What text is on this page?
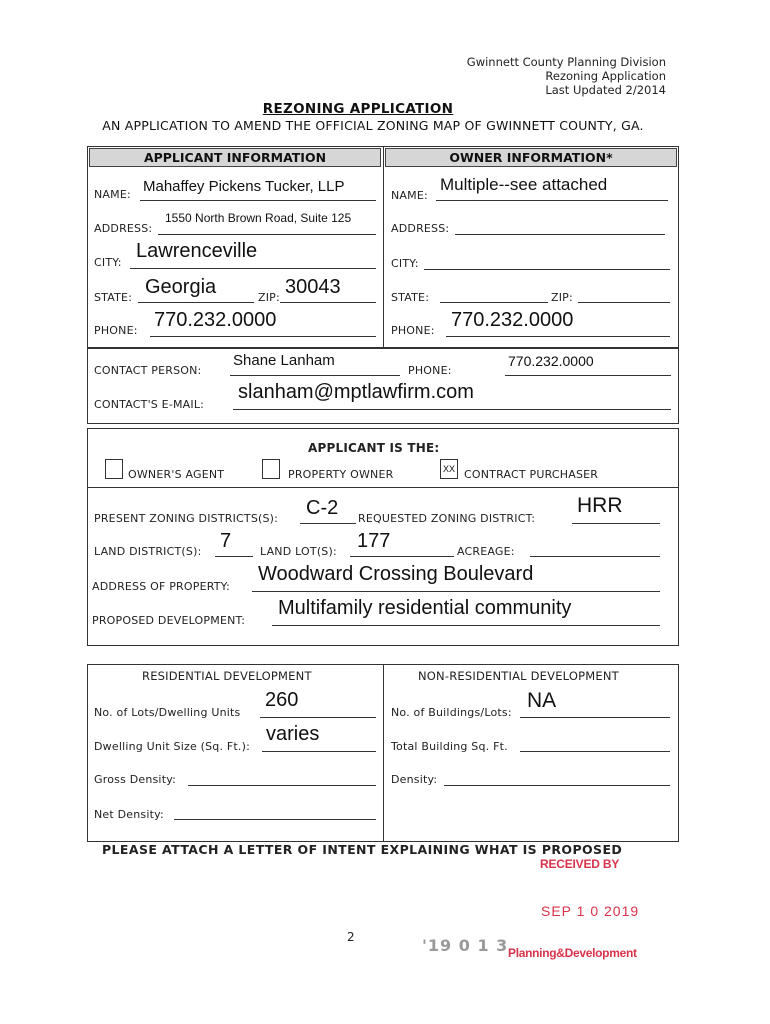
Gwinnett County Planning Division
Rezoning Application
Last Updated 2/2014
REZONING APPLICATION
AN APPLICATION TO AMEND THE OFFICIAL ZONING MAP OF GWINNETT COUNTY, GA.
APPLICANT INFORMATION	OWNER INFORMATION*
NAME: Mahaffey Pickens Tucker, LLP
ADDRESS:
1550 North Brown Road, Suite 125
CITY:
Lawrenceville
STATE: Georgia	ZIP: 30043
PHONE: 770.232.0000
NAME:
Multiple--see attached
ADDRESS:
CITY:
STATE:	ZIP:
PHONE: 770.232.0000
CONTACT PERSON:
Shane Lanham
PHONE:
770.232.0000
CONTACT'S E-MAIL:
slanham@mptlawfirm.com
APPLICANT IS THE:
OWNER'S AGENT	PROPERTY OWNER	XX CONTRACT PURCHASER
PRESENT ZONING DISTRICTS(S): C-2 REQUESTED ZONING DISTRICT:
HRR
LAND DISTRICT(S): 7	LAND LOT(S): 177	ACREAGE:
ADDRESS OF PROPERTY:
Woodward Crossing Boulevard
PROPOSED DEVELOPMENT:
Multifamily residential community
RESIDENTIAL DEVELOPMENT	NON-RESIDENTIAL DEVELOPMENT
No. of Lots/Dwelling Units
260
Dwelling Unit Size (Sq. Ft.):
varies
Gross Density:
Net Density:
No. of Buildings/Lots:
NA
Total Building Sq. Ft.
Density:
PLEASE ATTACH A LETTER OF INTENT EXPLAINING WHAT IS PROPOSED
RECEIVED BY
SEP 1 0 2019
2	'19 0 1 3 Planning&Development
